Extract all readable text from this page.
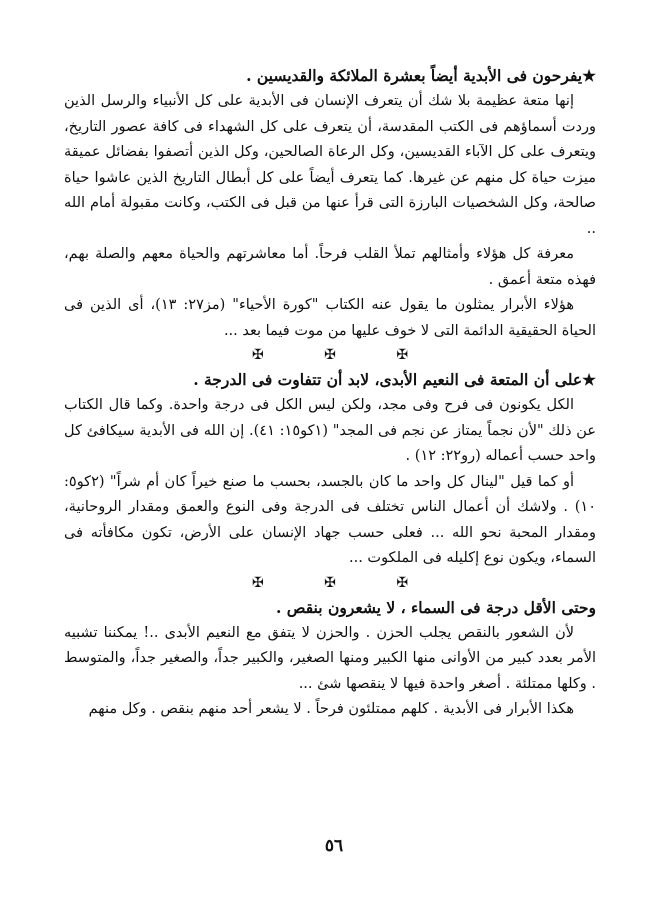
★يفرحون فى الأبدية أيضاً بعشرة الملائكة والقديسين .

إنها متعة عظيمة بلا شك أن يتعرف الإنسان فى الأبدية على كل الأنبياء والرسل الذين وردت أسماؤهم فى الكتب المقدسة، أن يتعرف على كل الشهداء فى كافة عصور التاريخ، ويتعرف على كل الآباء القديسين، وكل الرعاة الصالحين، وكل الذين أتصفوا بفضائل عميقة ميزت حياة كل منهم عن غيرها. كما يتعرف أيضاً على كل أبطال التاريخ الذين عاشوا حياة صالحة، وكل الشخصيات البارزة التى قرأ عنها من قبل فى الكتب، وكانت مقبولة أمام الله ..

معرفة كل هؤلاء وأمثالهم تملأ القلب فرحاً. أما معاشرتهم والحياة معهم والصلة بهم، فهذه متعة أعمق .

هؤلاء الأبرار يمثلون ما يقول عنه الكتاب "كورة الأحياء" (مز٢٧: ١٣)، أى الذين فى الحياة الحقيقية الدائمة التى لا خوف عليها من موت فيما بعد ...

✠ ✠ ✠
★على أن المتعة فى النعيم الأبدى، لابد أن تتفاوت فى الدرجة .

الكل يكونون فى فرح وفى مجد، ولكن ليس الكل فى درجة واحدة. وكما قال الكتاب عن ذلك "لأن نجماً يمتاز عن نجم فى المجد" (١كو١٥: ٤١). إن الله فى الأبدية سيكافئ كل واحد حسب أعماله (رو٢٢: ١٢) .

أو كما قيل "لينال كل واحد ما كان بالجسد، بحسب ما صنع خيراً كان أم شراً" (٢كو٥: ١٠) . ولاشك أن أعمال الناس تختلف فى الدرجة وفى النوع والعمق ومقدار الروحانية، ومقدار المحبة نحو الله ... فعلى حسب جهاد الإنسان على الأرض، تكون مكافأته فى السماء، ويكون نوع إكليله فى الملكوت ...

✠ ✠ ✠
وحتى الأقل درجة فى السماء ، لا يشعرون بنقص .

لأن الشعور بالنقص يجلب الحزن . والحزن لا يتفق مع النعيم الأبدى ..! يمكننا تشبيه الأمر بعدد كبير من الأوانى منها الكبير ومنها الصغير، والكبير جداً، والصغير جداً، والمتوسط . وكلها ممتلئة . أصغر واحدة فيها لا ينقصها شئ ...

هكذا الأبرار فى الأبدية . كلهم ممتلئون فرحاً . لا يشعر أحد منهم بنقص . وكل منهم

٥٦
